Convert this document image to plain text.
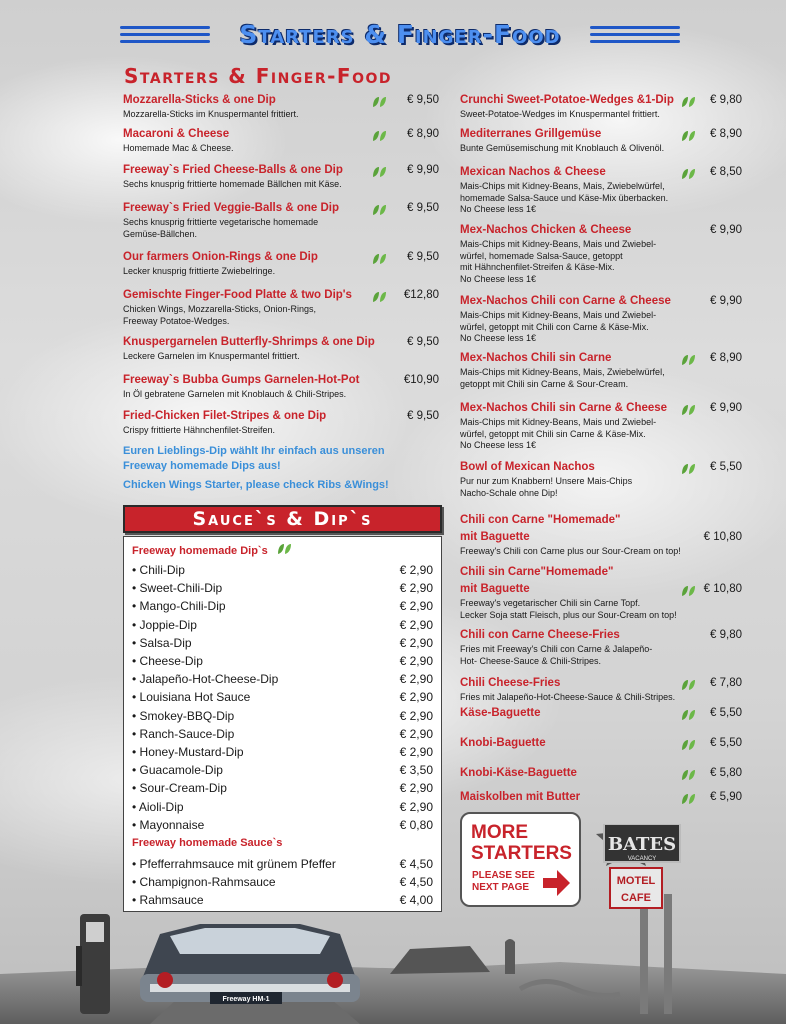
Starters & Finger-Food
Starters & Finger-Food
Mozzarella-Sticks & one Dip	€ 9,50
Mozzarella-Sticks im Knuspermantel frittiert.
Macaroni & Cheese	€ 8,90
Homemade Mac & Cheese.
Freeway`s Fried Cheese-Balls & one Dip	€ 9,90
Sechs knusprig frittierte homemade Bällchen mit Käse.
Freeway`s Fried Veggie-Balls & one Dip	€ 9,50
Sechs knusprig frittierte vegetarische homemade
Gemüse-Bällchen.
Our farmers Onion-Rings & one Dip	€ 9,50
Lecker knusprig frittierte Zwiebelringe.
Gemischte Finger-Food Platte & two Dip's	€12,80
Chicken Wings, Mozzarella-Sticks, Onion-Rings,
Freeway Potatoe-Wedges.
Knuspergarnelen Butterfly-Shrimps & one Dip	€ 9,50
Leckere Garnelen im Knuspermantel frittiert.
Freeway`s Bubba Gumps Garnelen-Hot-Pot	€10,90
In Öl gebratene Garnelen mit Knoblauch & Chili-Stripes.
Fried-Chicken Filet-Stripes & one Dip	€ 9,50
Crispy frittierte Hähnchenfilet-Streifen.
Euren Lieblings-Dip wählt Ihr einfach aus unseren
Freeway homemade Dips aus!
Chicken Wings Starter, please check Ribs &Wings!
Crunchi Sweet-Potatoe-Wedges &1-Dip	€ 9,80
Sweet-Potatoe-Wedges im Knuspermantel frittiert.
Mediterranes Grillgemüse	€ 8,90
Bunte Gemüsemischung mit Knoblauch & Olivenöl.
Mexican Nachos & Cheese	€ 8,50
Mais-Chips mit Kidney-Beans, Mais, Zwiebelwürfel,
homemade Salsa-Sauce und Käse-Mix überbacken.
No Cheese less 1€
Mex-Nachos Chicken & Cheese	€ 9,90
Mais-Chips mit Kidney-Beans, Mais und Zwiebel-
würfel, homemade Salsa-Sauce, getoppt
mit Hähnchenfilet-Streifen & Käse-Mix.
No Cheese less 1€
Mex-Nachos Chili con Carne & Cheese	€ 9,90
Mais-Chips mit Kidney-Beans, Mais und Zwiebel-
würfel, getoppt mit Chili con Carne & Käse-Mix.
No Cheese less 1€
Mex-Nachos Chili sin Carne	€ 8,90
Mais-Chips mit Kidney-Beans, Mais, Zwiebelwürfel,
getoppt mit Chili sin Carne & Sour-Cream.
Mex-Nachos Chili sin Carne & Cheese	€ 9,90
Mais-Chips mit Kidney-Beans, Mais und Zwiebel-
würfel, getoppt mit Chili sin Carne & Käse-Mix.
No Cheese less 1€
Bowl of Mexican Nachos	€ 5,50
Pur nur zum Knabbern! Unsere Mais-Chips
Nacho-Schale ohne Dip!
Chili con Carne "Homemade"
mit Baguette	€ 10,80
Freeway's Chili con Carne plus our Sour-Cream on top!
Chili sin Carne"Homemade"
mit Baguette	€ 10,80
Freeway's vegetarischer Chili sin Carne Topf.
Lecker Soja statt Fleisch, plus our Sour-Cream on top!
Chili con Carne Cheese-Fries	€ 9,80
Fries mit Freeway's Chili con Carne & Jalapeño-
Hot- Cheese-Sauce & Chili-Stripes.
Chili Cheese-Fries	€ 7,80
Fries mit Jalapeño-Hot-Cheese-Sauce & Chili-Stripes.
Käse-Baguette	€ 5,50
Knobi-Baguette	€ 5,50
Knobi-Käse-Baguette	€ 5,80
Maiskolben mit Butter	€ 5,90
Sauce`s & Dip`s
Freeway homemade Dip`s
• Chili-Dip	€ 2,90
• Sweet-Chili-Dip	€ 2,90
• Mango-Chili-Dip	€ 2,90
• Joppie-Dip	€ 2,90
• Salsa-Dip	€ 2,90
• Cheese-Dip	€ 2,90
• Jalapeño-Hot-Cheese-Dip	€ 2,90
• Louisiana Hot Sauce	€ 2,90
• Smokey-BBQ-Dip	€ 2,90
• Ranch-Sauce-Dip	€ 2,90
• Honey-Mustard-Dip	€ 2,90
• Guacamole-Dip	€ 3,50
• Sour-Cream-Dip	€ 2,90
• Aioli-Dip	€ 2,90
• Mayonnaise	€ 0,80
Freeway homemade Sauce`s
• Pfefferrahmsauce mit grünem Pfeffer	€ 4,50
• Champignon-Rahmsauce	€ 4,50
• Rahmsauce	€ 4,00
MORE
STARTERS
PLEASE SEE
NEXT PAGE
Freeway HM-1
BATES
VACANCY
MOTEL
CAFE
